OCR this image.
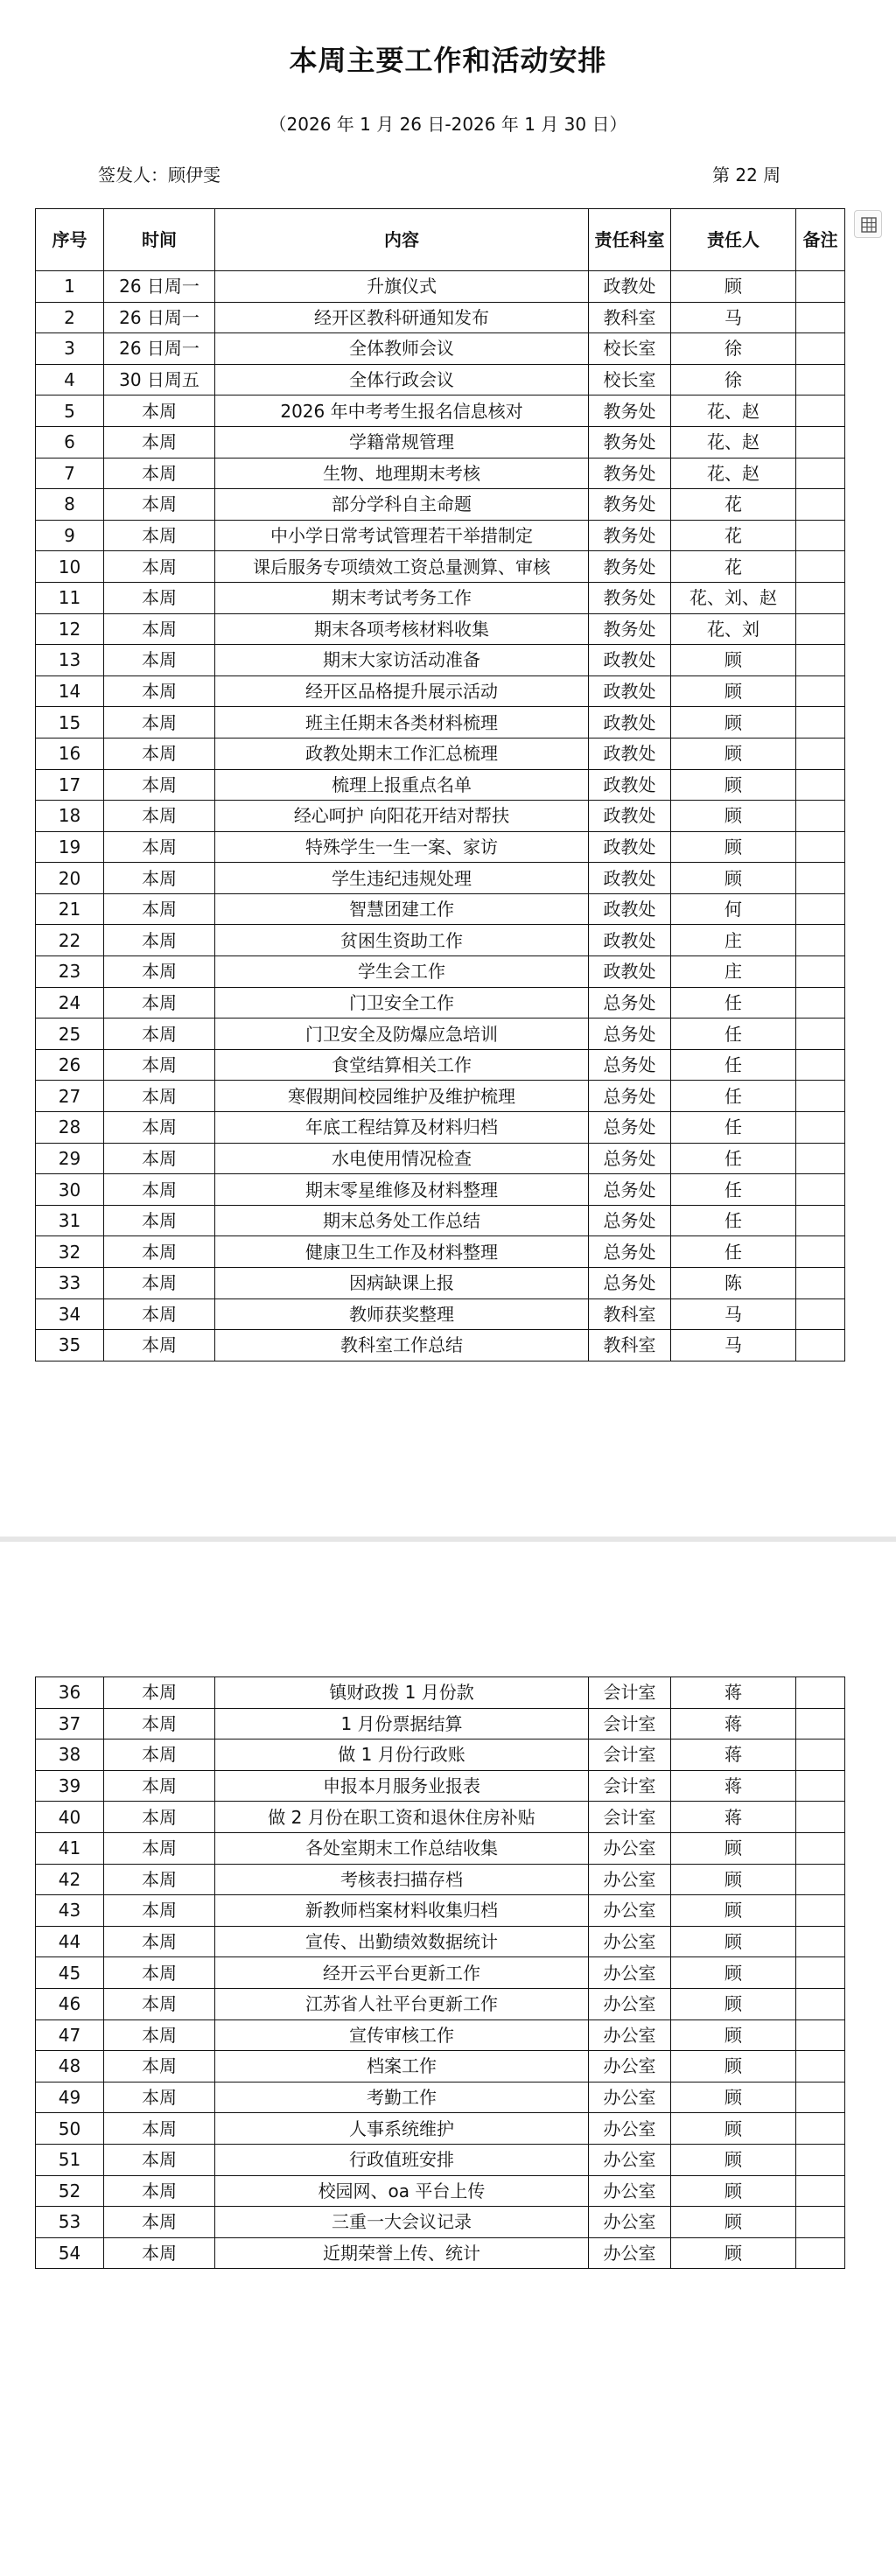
本周主要工作和活动安排
（2026 年 1 月 26 日-2026 年 1 月 30 日）
签发人：顾伊雯	第 22 周
序号	时间	内容	责任科室	责任人	备注
1	26 日周一	升旗仪式	政教处	顾	
2	26 日周一	经开区教科研通知发布	教科室	马	
3	26 日周一	全体教师会议	校长室	徐	
4	30 日周五	全体行政会议	校长室	徐	
5	本周	2026 年中考考生报名信息核对	教务处	花、赵	
6	本周	学籍常规管理	教务处	花、赵	
7	本周	生物、地理期末考核	教务处	花、赵	
8	本周	部分学科自主命题	教务处	花	
9	本周	中小学日常考试管理若干举措制定	教务处	花	
10	本周	课后服务专项绩效工资总量测算、审核	教务处	花	
11	本周	期末考试考务工作	教务处	花、刘、赵	
12	本周	期末各项考核材料收集	教务处	花、刘	
13	本周	期末大家访活动准备	政教处	顾	
14	本周	经开区品格提升展示活动	政教处	顾	
15	本周	班主任期末各类材料梳理	政教处	顾	
16	本周	政教处期末工作汇总梳理	政教处	顾	
17	本周	梳理上报重点名单	政教处	顾	
18	本周	经心呵护 向阳花开结对帮扶	政教处	顾	
19	本周	特殊学生一生一案、家访	政教处	顾	
20	本周	学生违纪违规处理	政教处	顾	
21	本周	智慧团建工作	政教处	何	
22	本周	贫困生资助工作	政教处	庄	
23	本周	学生会工作	政教处	庄	
24	本周	门卫安全工作	总务处	任	
25	本周	门卫安全及防爆应急培训	总务处	任	
26	本周	食堂结算相关工作	总务处	任	
27	本周	寒假期间校园维护及维护梳理	总务处	任	
28	本周	年底工程结算及材料归档	总务处	任	
29	本周	水电使用情况检查	总务处	任	
30	本周	期末零星维修及材料整理	总务处	任	
31	本周	期末总务处工作总结	总务处	任	
32	本周	健康卫生工作及材料整理	总务处	任	
33	本周	因病缺课上报	总务处	陈	
34	本周	教师获奖整理	教科室	马	
35	本周	教科室工作总结	教科室	马	
36	本周	镇财政拨 1 月份款	会计室	蒋	
37	本周	1 月份票据结算	会计室	蒋	
38	本周	做 1 月份行政账	会计室	蒋	
39	本周	申报本月服务业报表	会计室	蒋	
40	本周	做 2 月份在职工资和退休住房补贴	会计室	蒋	
41	本周	各处室期末工作总结收集	办公室	顾	
42	本周	考核表扫描存档	办公室	顾	
43	本周	新教师档案材料收集归档	办公室	顾	
44	本周	宣传、出勤绩效数据统计	办公室	顾	
45	本周	经开云平台更新工作	办公室	顾	
46	本周	江苏省人社平台更新工作	办公室	顾	
47	本周	宣传审核工作	办公室	顾	
48	本周	档案工作	办公室	顾	
49	本周	考勤工作	办公室	顾	
50	本周	人事系统维护	办公室	顾	
51	本周	行政值班安排	办公室	顾	
52	本周	校园网、oa 平台上传	办公室	顾	
53	本周	三重一大会议记录	办公室	顾	
54	本周	近期荣誉上传、统计	办公室	顾	
